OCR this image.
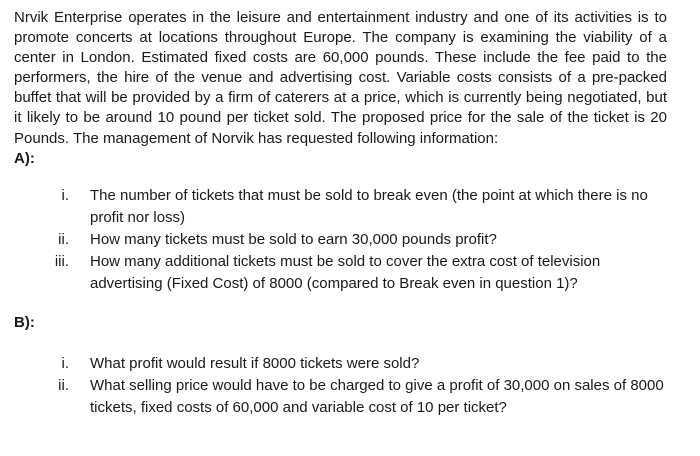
Nrvik Enterprise operates in the leisure and entertainment industry and one of its activities is to promote concerts at locations throughout Europe. The company is examining the viability of a center in London. Estimated fixed costs are 60,000 pounds. These include the fee paid to the performers, the hire of the venue and advertising cost. Variable costs consists of a pre-packed buffet that will be provided by a firm of caterers at a price, which is currently being negotiated, but it likely to be around 10 pound per ticket sold. The proposed price for the sale of the ticket is 20 Pounds. The management of Norvik has requested following information:

A):

i.	The number of tickets that must be sold to break even (the point at which there is no profit nor loss)
ii.	How many tickets must be sold to earn 30,000 pounds profit?
iii.	How many additional tickets must be sold to cover the extra cost of television advertising (Fixed Cost) of 8000 (compared to Break even in question 1)?

B):

i.	What profit would result if 8000 tickets were sold?
ii.	What selling price would have to be charged to give a profit of 30,000 on sales of 8000 tickets, fixed costs of 60,000 and variable cost of 10 per ticket?
